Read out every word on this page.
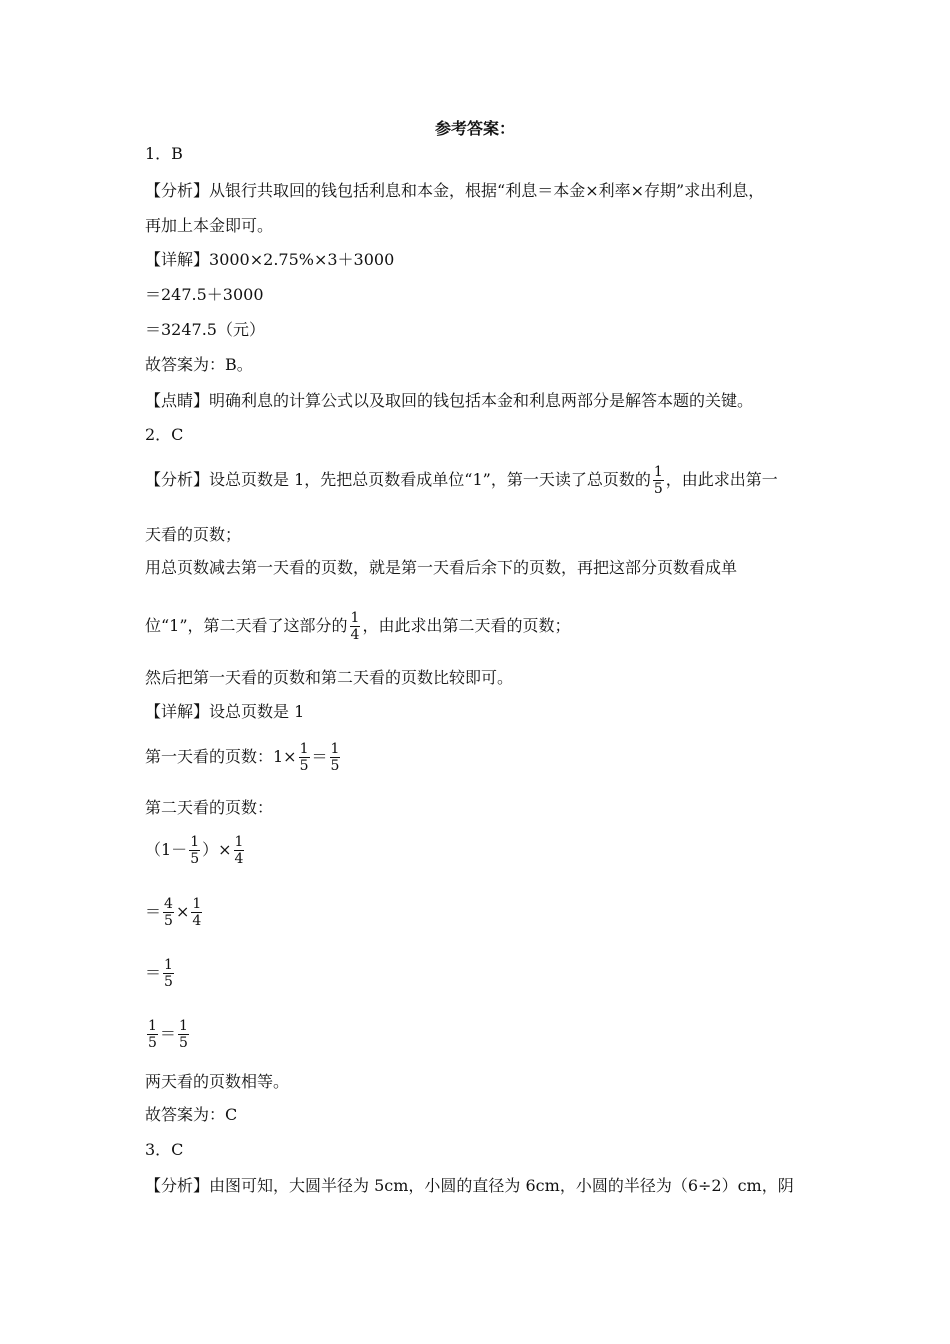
参考答案：
1．B
【分析】从银行共取回的钱包括利息和本金，根据“利息＝本金×利率×存期”求出利息，
再加上本金即可。
【详解】3000×2.75%×3＋3000
＝247.5＋3000
＝3247.5（元）
故答案为：B。
【点睛】明确利息的计算公式以及取回的钱包括本金和利息两部分是解答本题的关键。
2．C
【分析】设总页数是 1，先把总页数看成单位“1”，第一天读了总页数的 $\frac{1}{5}$ ，由此求出第一
天看的页数；
用总页数减去第一天看的页数，就是第一天看后余下的页数，再把这部分页数看成单
位“1”，第二天看了这部分的 $\frac{1}{4}$ ，由此求出第二天看的页数；
然后把第一天看的页数和第二天看的页数比较即可。
【详解】设总页数是 1
第一天看的页数：$1\times \frac{1}{5} = \frac{1}{5}$
第二天看的页数：
（$1- \frac{1}{5}$ ）× $\frac{1}{4}$
＝ $\frac{4}{5} \times \frac{1}{4}$
＝ $\frac{1}{5}$
$\frac{1}{5} = \frac{1}{5}$
两天看的页数相等。
故答案为：C
3．C
【分析】由图可知，大圆半径为 5cm，小圆的直径为 6cm，小圆的半径为（6÷2）cm，阴
